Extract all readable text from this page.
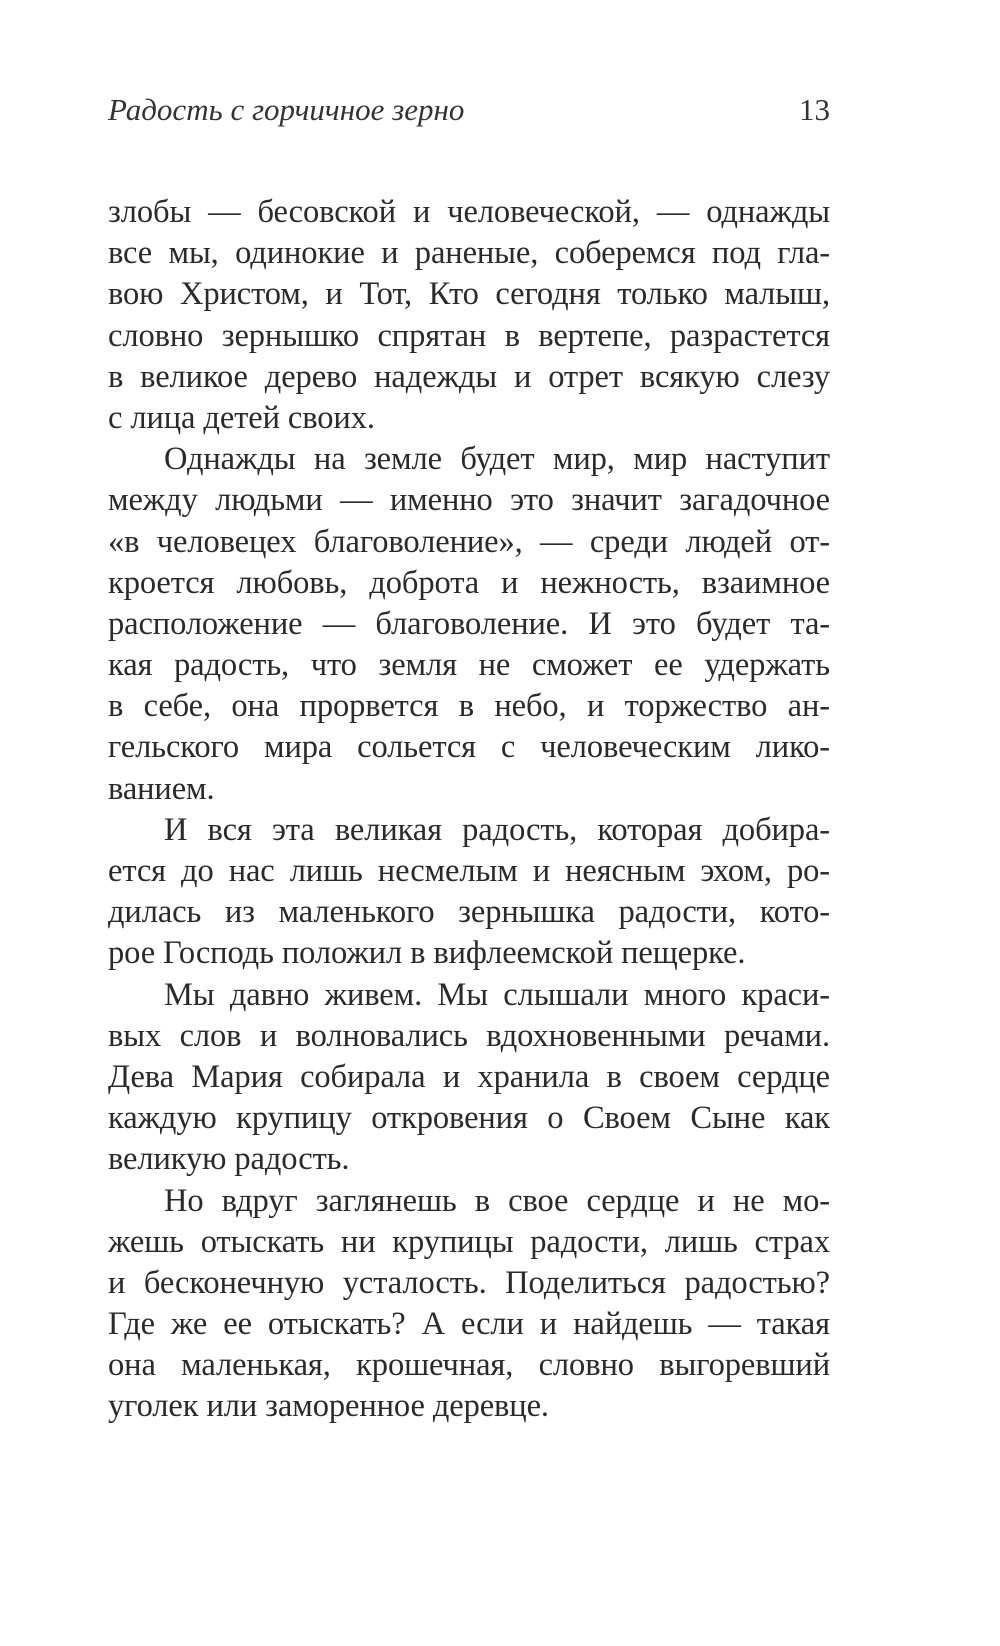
Радость с горчичное зерно	13
злобы — бесовской и человеческой, — однажды
все мы, одинокие и раненые, соберемся под гла-
вою Христом, и Тот, Кто сегодня только малыш,
словно зернышко спрятан в вертепе, разрастется
в великое дерево надежды и отрет всякую слезу
с лица детей своих.
Однажды на земле будет мир, мир наступит
между людьми — именно это значит загадочное
«в человецех благоволение», — среди людей от-
кроется любовь, доброта и нежность, взаимное
расположение — благоволение. И это будет та-
кая радость, что земля не сможет ее удержать
в себе, она прорвется в небо, и торжество ан-
гельского мира сольется с человеческим лико-
ванием.
И вся эта великая радость, которая добира-
ется до нас лишь несмелым и неясным эхом, ро-
дилась из маленького зернышка радости, кото-
рое Господь положил в вифлеемской пещерке.
Мы давно живем. Мы слышали много краси-
вых слов и волновались вдохновенными речами.
Дева Мария собирала и хранила в своем сердце
каждую крупицу откровения о Своем Сыне как
великую радость.
Но вдруг заглянешь в свое сердце и не мо-
жешь отыскать ни крупицы радости, лишь страх
и бесконечную усталость. Поделиться радостью?
Где же ее отыскать? А если и найдешь — такая
она маленькая, крошечная, словно выгоревший
уголек или заморенное деревце.
